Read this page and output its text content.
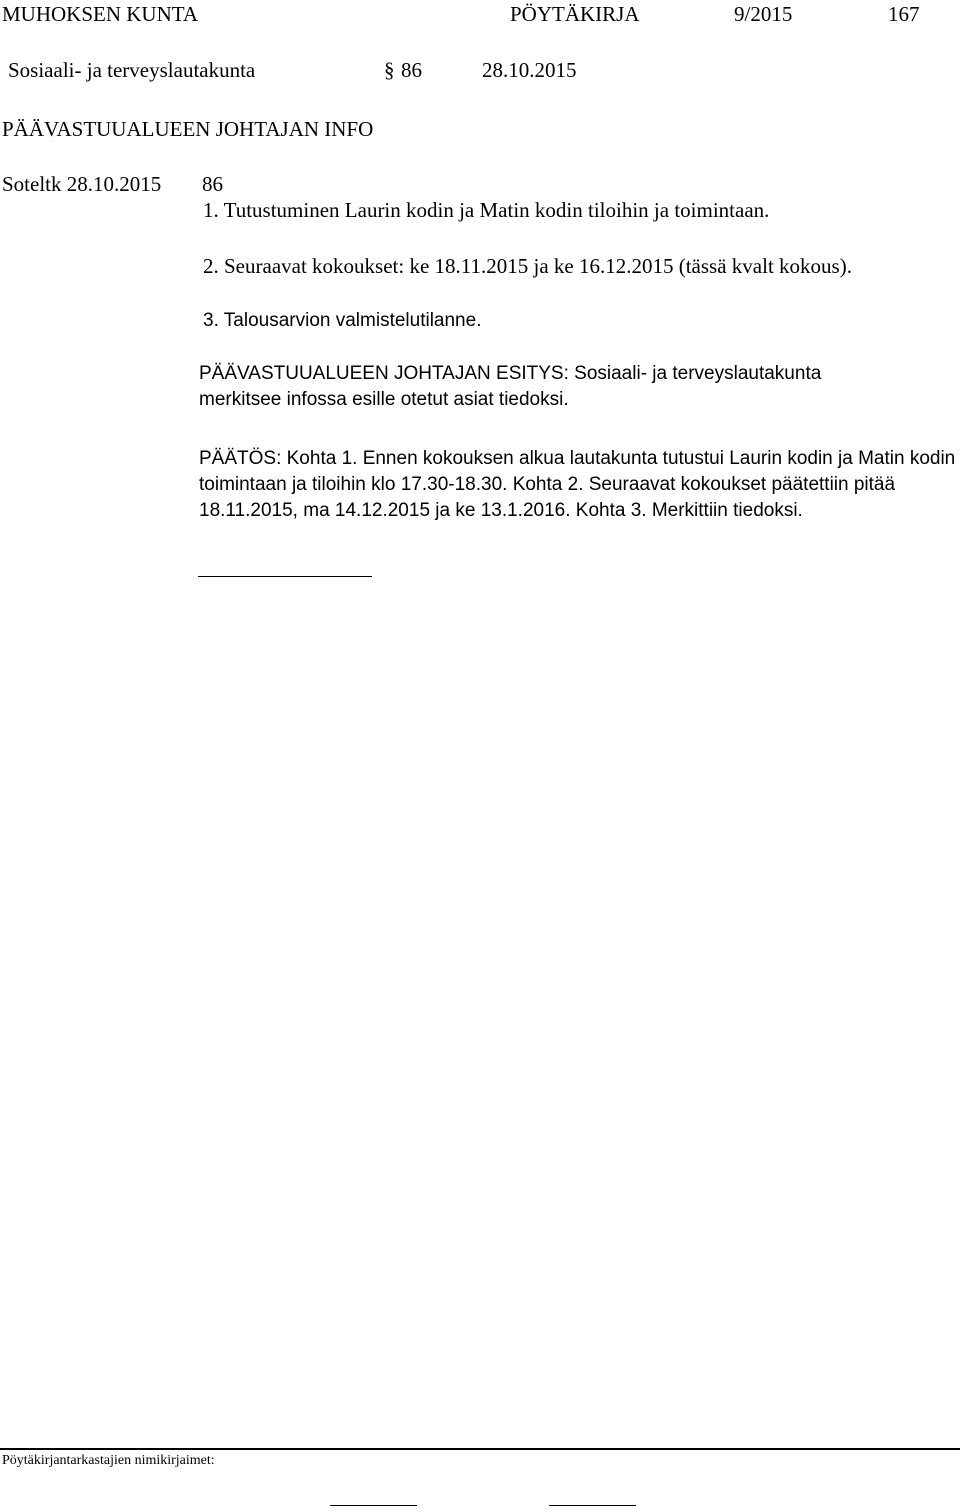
MUHOKSEN KUNTA	PÖYTÄKIRJA	9/2015	167
Sosiaali- ja terveyslautakunta	§ 86	28.10.2015
PÄÄVASTUUALUEEN JOHTAJAN INFO
Soteltk 28.10.2015 86
1. Tutustuminen Laurin kodin ja Matin kodin tiloihin ja toimintaan.
2. Seuraavat kokoukset: ke 18.11.2015 ja ke 16.12.2015 (tässä kvalt kokous).
3. Talousarvion valmistelutilanne.
PÄÄVASTUUALUEEN JOHTAJAN ESITYS: Sosiaali- ja terveyslautakunta
merkitsee infossa esille otetut asiat tiedoksi.
PÄÄTÖS: Kohta 1. Ennen kokouksen alkua lautakunta tutustui Laurin kodin ja Matin kodin toimintaan ja tiloihin klo 17.30-18.30. Kohta 2. Seuraavat kokoukset päätettiin pitää 18.11.2015, ma 14.12.2015 ja ke 13.1.2016. Kohta 3. Merkittiin tiedoksi.
Pöytäkirjantarkastajien nimikirjaimet:
